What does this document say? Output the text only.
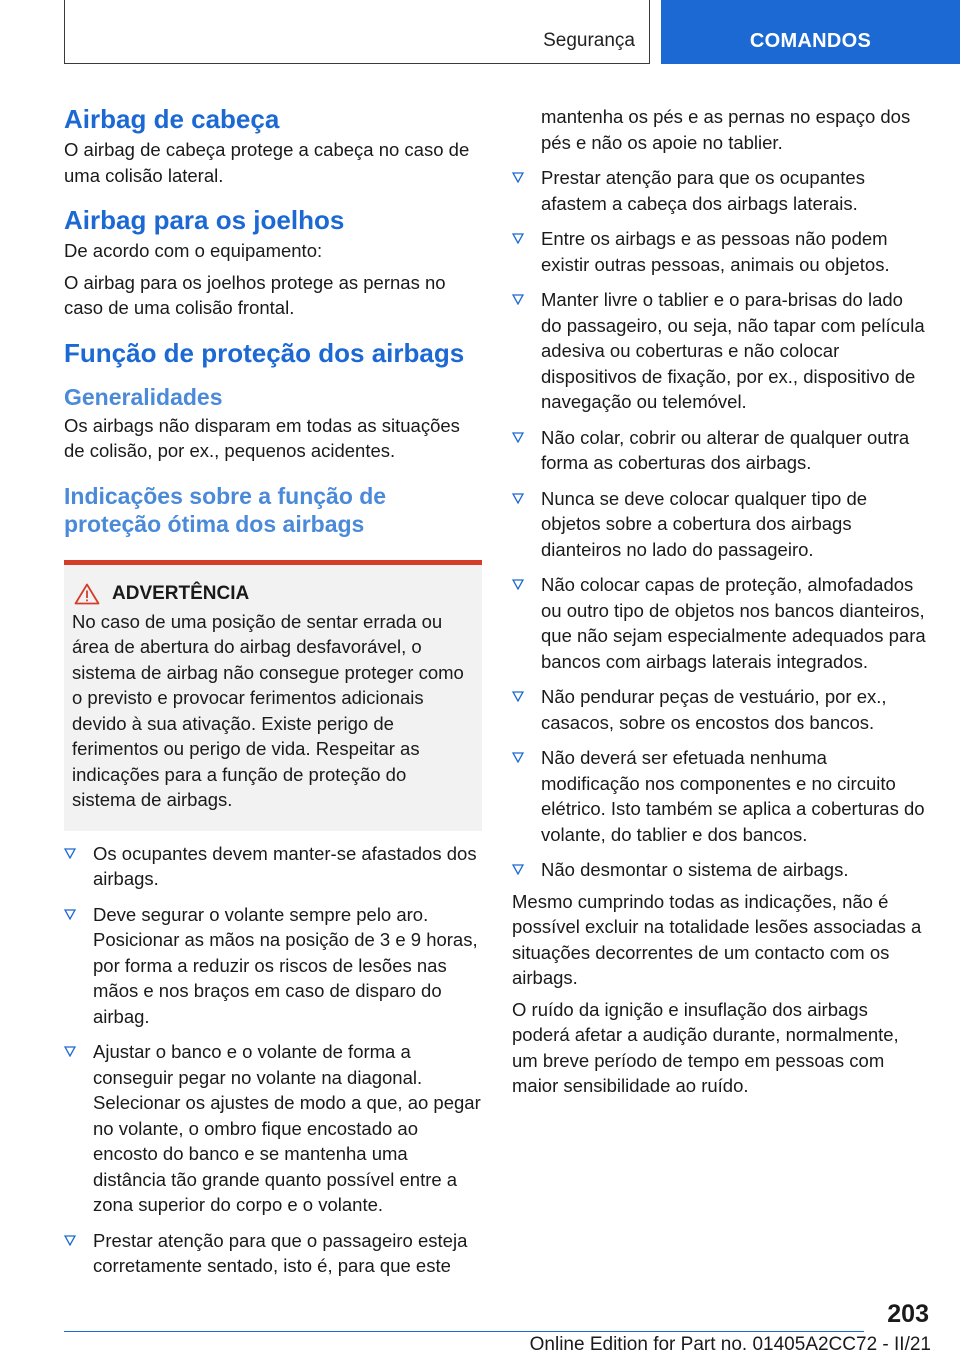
Segurança	COMANDOS
Airbag de cabeça

O airbag de cabeça protege a cabeça no caso de uma colisão lateral.

Airbag para os joelhos

De acordo com o equipamento:

O airbag para os joelhos protege as pernas no caso de uma colisão frontal.

Função de proteção dos airbags
Generalidades

Os airbags não disparam em todas as situações de colisão, por ex., pequenos acidentes.

Indicações sobre a função de proteção ótima dos airbags
ADVERTÊNCIA

No caso de uma posição de sentar errada ou área de abertura do airbag desfavorável, o sistema de airbag não consegue proteger como o previsto e provocar ferimentos adicionais devido à sua ativação. Existe perigo de ferimentos ou perigo de vida. Respeitar as indicações para a função de proteção do sistema de airbags.

Os ocupantes devem manter-se afastados dos airbags.
Deve segurar o volante sempre pelo aro. Posicionar as mãos na posição de 3 e 9 horas, por forma a reduzir os riscos de lesões nas mãos e nos braços em caso de disparo do airbag.
Ajustar o banco e o volante de forma a conseguir pegar no volante na diagonal. Selecionar os ajustes de modo a que, ao pegar no volante, o ombro fique encostado ao encosto do banco e se mantenha uma distância tão grande quanto possível entre a zona superior do corpo e o volante.
Prestar atenção para que o passageiro esteja corretamente sentado, isto é, para que este

mantenha os pés e as pernas no espaço dos pés e não os apoie no tablier.

Prestar atenção para que os ocupantes afastem a cabeça dos airbags laterais.
Entre os airbags e as pessoas não podem existir outras pessoas, animais ou objetos.
Manter livre o tablier e o para-brisas do lado do passageiro, ou seja, não tapar com película adesiva ou coberturas e não colocar dispositivos de fixação, por ex., dispositivo de navegação ou telemóvel.
Não colar, cobrir ou alterar de qualquer outra forma as coberturas dos airbags.
Nunca se deve colocar qualquer tipo de objetos sobre a cobertura dos airbags dianteiros no lado do passageiro.
Não colocar capas de proteção, almofadados ou outro tipo de objetos nos bancos dianteiros, que não sejam especialmente adequados para bancos com airbags laterais integrados.
Não pendurar peças de vestuário, por ex., casacos, sobre os encostos dos bancos.
Não deverá ser efetuada nenhuma modificação nos componentes e no circuito elétrico. Isto também se aplica a coberturas do volante, do tablier e dos bancos.
Não desmontar o sistema de airbags.

Mesmo cumprindo todas as indicações, não é possível excluir na totalidade lesões associadas a situações decorrentes de um contacto com os airbags.

O ruído da ignição e insuflação dos airbags poderá afetar a audição durante, normalmente, um breve período de tempo em pessoas com maior sensibilidade ao ruído.

203
Online Edition for Part no. 01405A2CC72 - II/21
